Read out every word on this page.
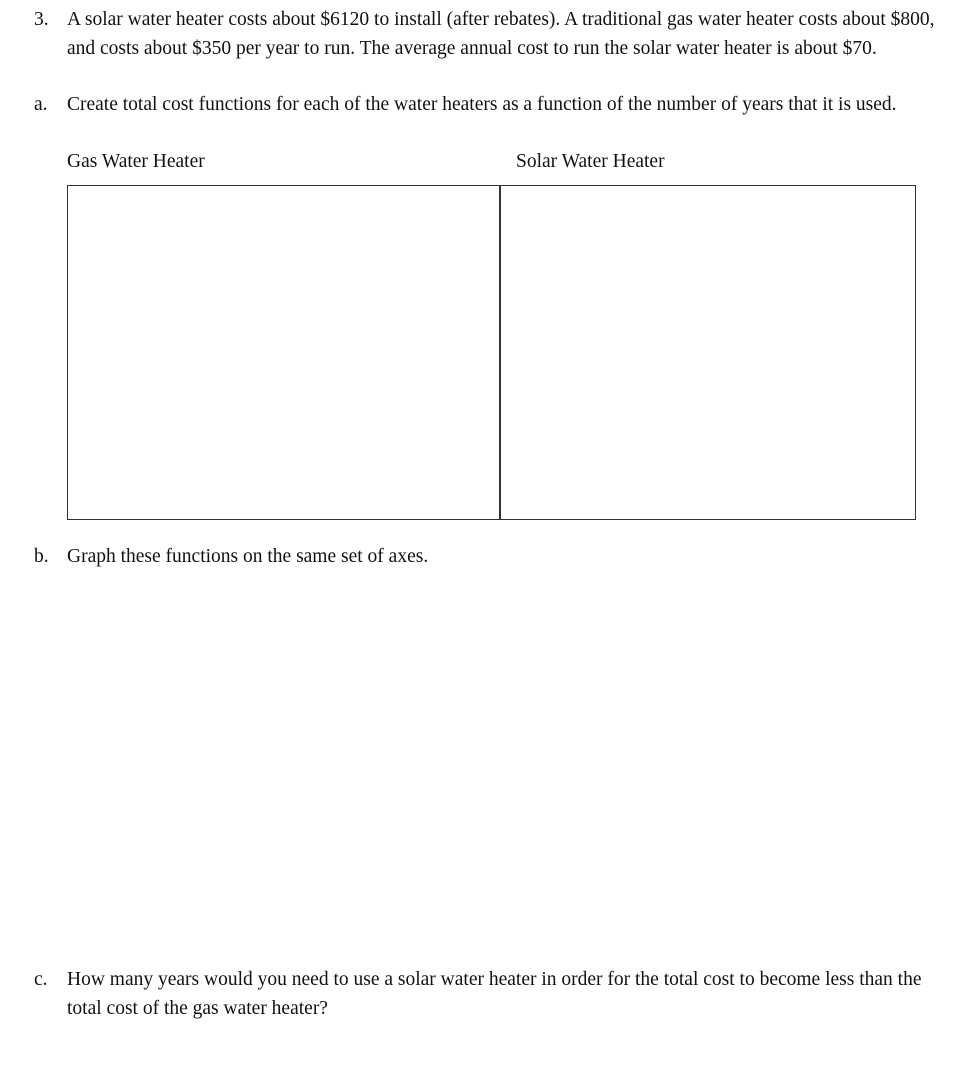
3. A solar water heater costs about $6120 to install (after rebates). A traditional gas water heater costs about $800, and costs about $350 per year to run. The average annual cost to run the solar water heater is about $70.
a. Create total cost functions for each of the water heaters as a function of the number of years that it is used.
Gas Water Heater	Solar Water Heater
b. Graph these functions on the same set of axes.
c. How many years would you need to use a solar water heater in order for the total cost to become less than the total cost of the gas water heater?
